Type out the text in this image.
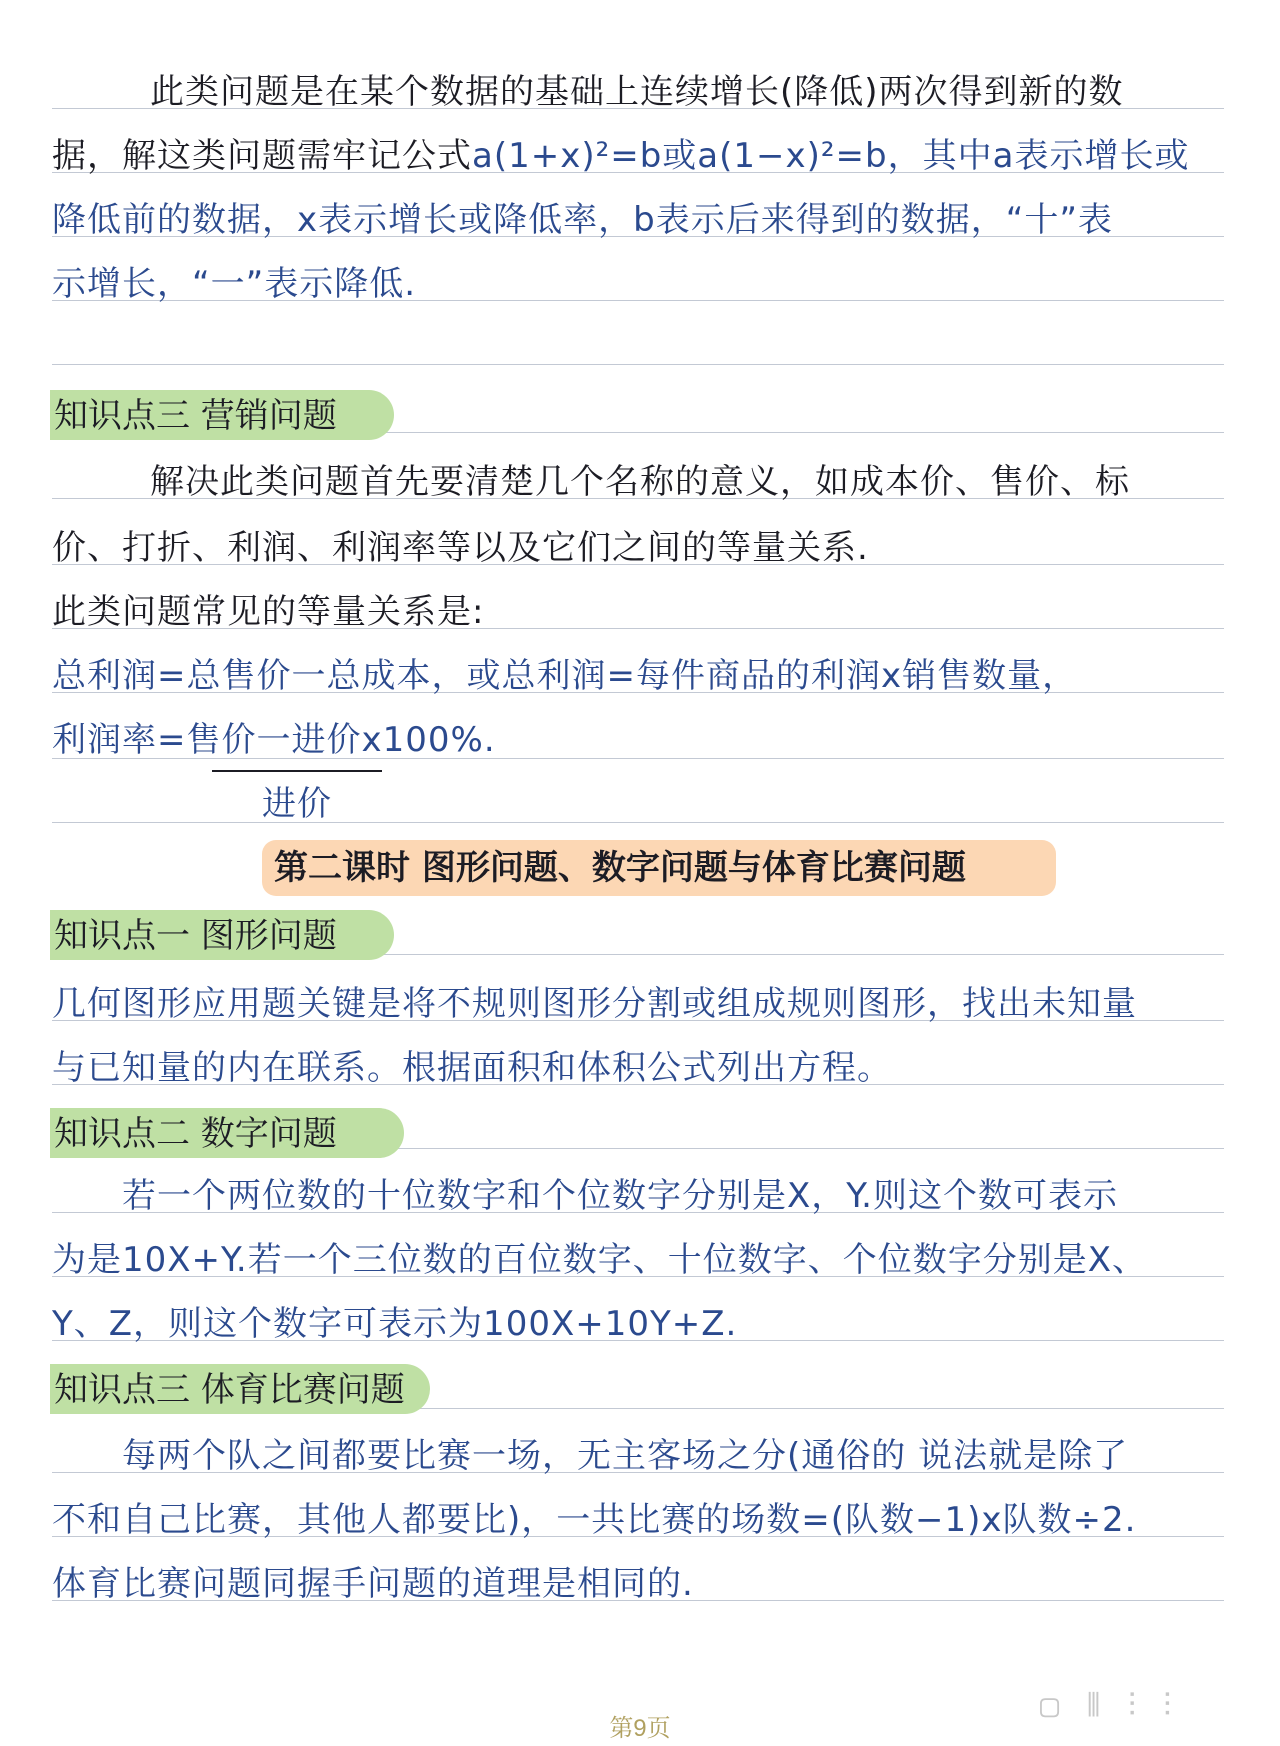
此类问题是在某个数据的基础上连续增长(降低)两次得到新的数
据，解这类问题需牢记公式a(1+x)²=b或a(1−x)²=b，其中a表示增长或
降低前的数据，x表示增长或降低率，b表示后来得到的数据，“十”表
示增长，“一”表示降低.
知识点三 营销问题
解决此类问题首先要清楚几个名称的意义，如成本价、售价、标
价、打折、利润、利润率等以及它们之间的等量关系.
此类问题常见的等量关系是:
总利润=总售价一总成本，或总利润=每件商品的利润x销售数量，
利润率=售价一进价x100%.
进价
第二课时 图形问题、数字问题与体育比赛问题
知识点一 图形问题
几何图形应用题关键是将不规则图形分割或组成规则图形，找出未知量
与已知量的内在联系。根据面积和体积公式列出方程。
知识点二 数字问题
若一个两位数的十位数字和个位数字分别是X，Y.则这个数可表示
为是10X+Y.若一个三位数的百位数字、十位数字、个位数字分别是X、
Y、Z，则这个数字可表示为100X+10Y+Z.
知识点三 体育比赛问题
每两个队之间都要比赛一场，无主客场之分(通俗的 说法就是除了
不和自己比赛，其他人都要比)，一共比赛的场数=(队数−1)x队数÷2.
体育比赛问题同握手问题的道理是相同的.
▢ ⦀ ⫶ ⫶
第9页
